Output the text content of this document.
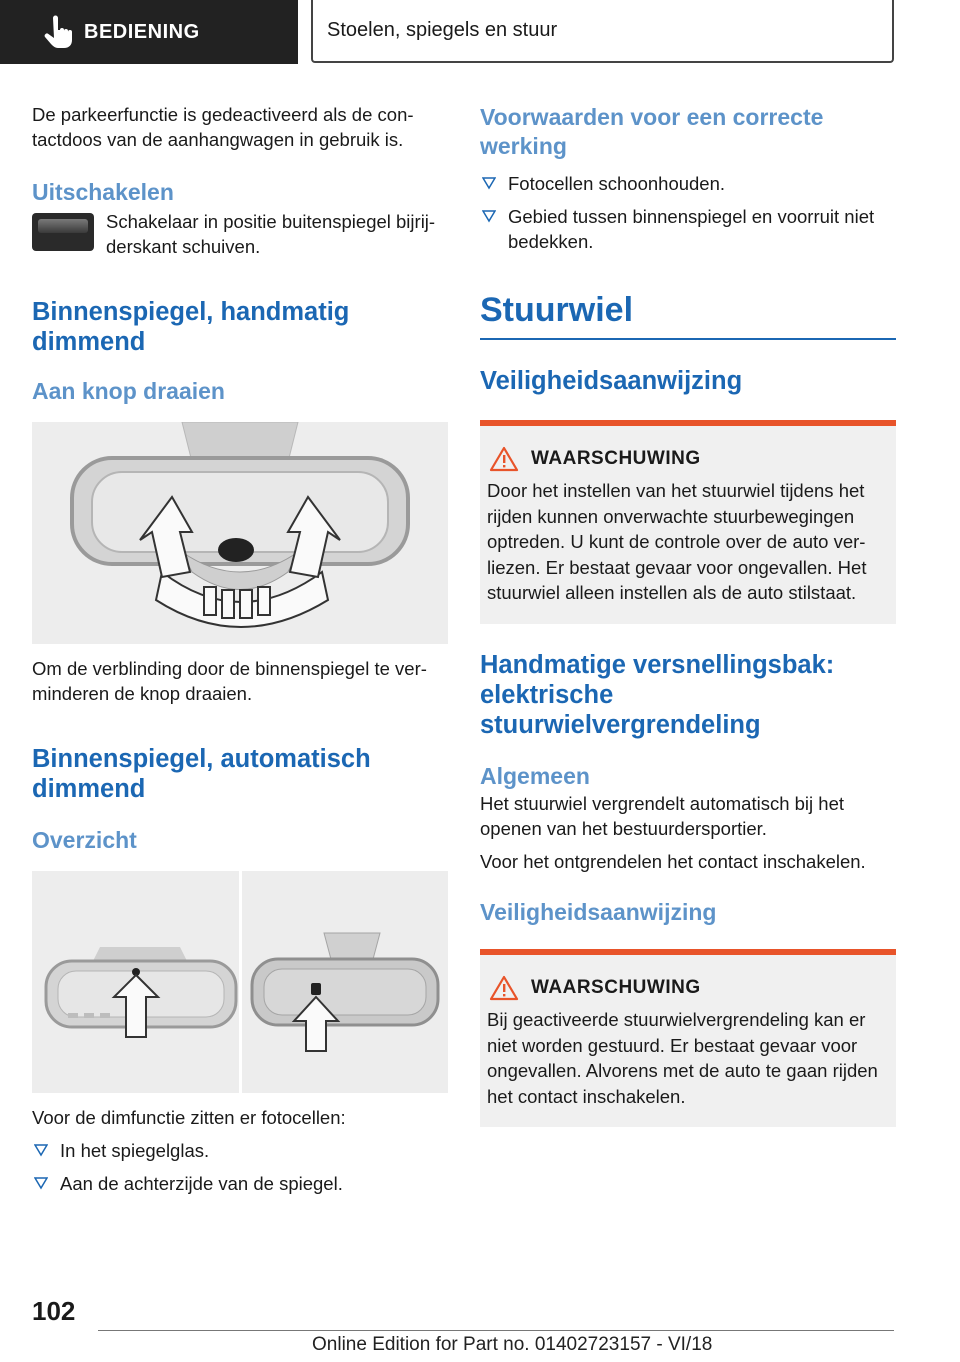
BEDIENING	Stoelen, spiegels en stuur

De parkeerfunctie is gedeactiveerd als de contactdoos van de aanhangwagen in gebruik is.

Uitschakelen

Schakelaar in positie buitenspiegel bijrijderskant schuiven.

Binnenspiegel, handmatig dimmend
Aan knop draaien

Om de verblinding door de binnenspiegel te verminderen de knop draaien.

Binnenspiegel, automatisch dimmend
Overzicht

Voor de dimfunctie zitten er fotocellen:

In het spiegelglas.
Aan de achterzijde van de spiegel.
Voorwaarden voor een correcte werking
Fotocellen schoonhouden.
Gebied tussen binnenspiegel en voorruit niet bedekken.
Stuurwiel
Veiligheidsaanwijzing
WAARSCHUWING

Door het instellen van het stuurwiel tijdens het rijden kunnen onverwachte stuurbewegingen optreden. U kunt de controle over de auto verliezen. Er bestaat gevaar voor ongevallen. Het stuurwiel alleen instellen als de auto stilstaat.

Handmatige versnellingsbak: elektrische stuurwielvergrendeling
Algemeen

Het stuurwiel vergrendelt automatisch bij het openen van het bestuurdersportier.

Voor het ontgrendelen het contact inschakelen.

Veiligheidsaanwijzing
WAARSCHUWING

Bij geactiveerde stuurwielvergrendeling kan er niet worden gestuurd. Er bestaat gevaar voor ongevallen. Alvorens met de auto te gaan rijden het contact inschakelen.

102
Online Edition for Part no. 01402723157 - VI/18
